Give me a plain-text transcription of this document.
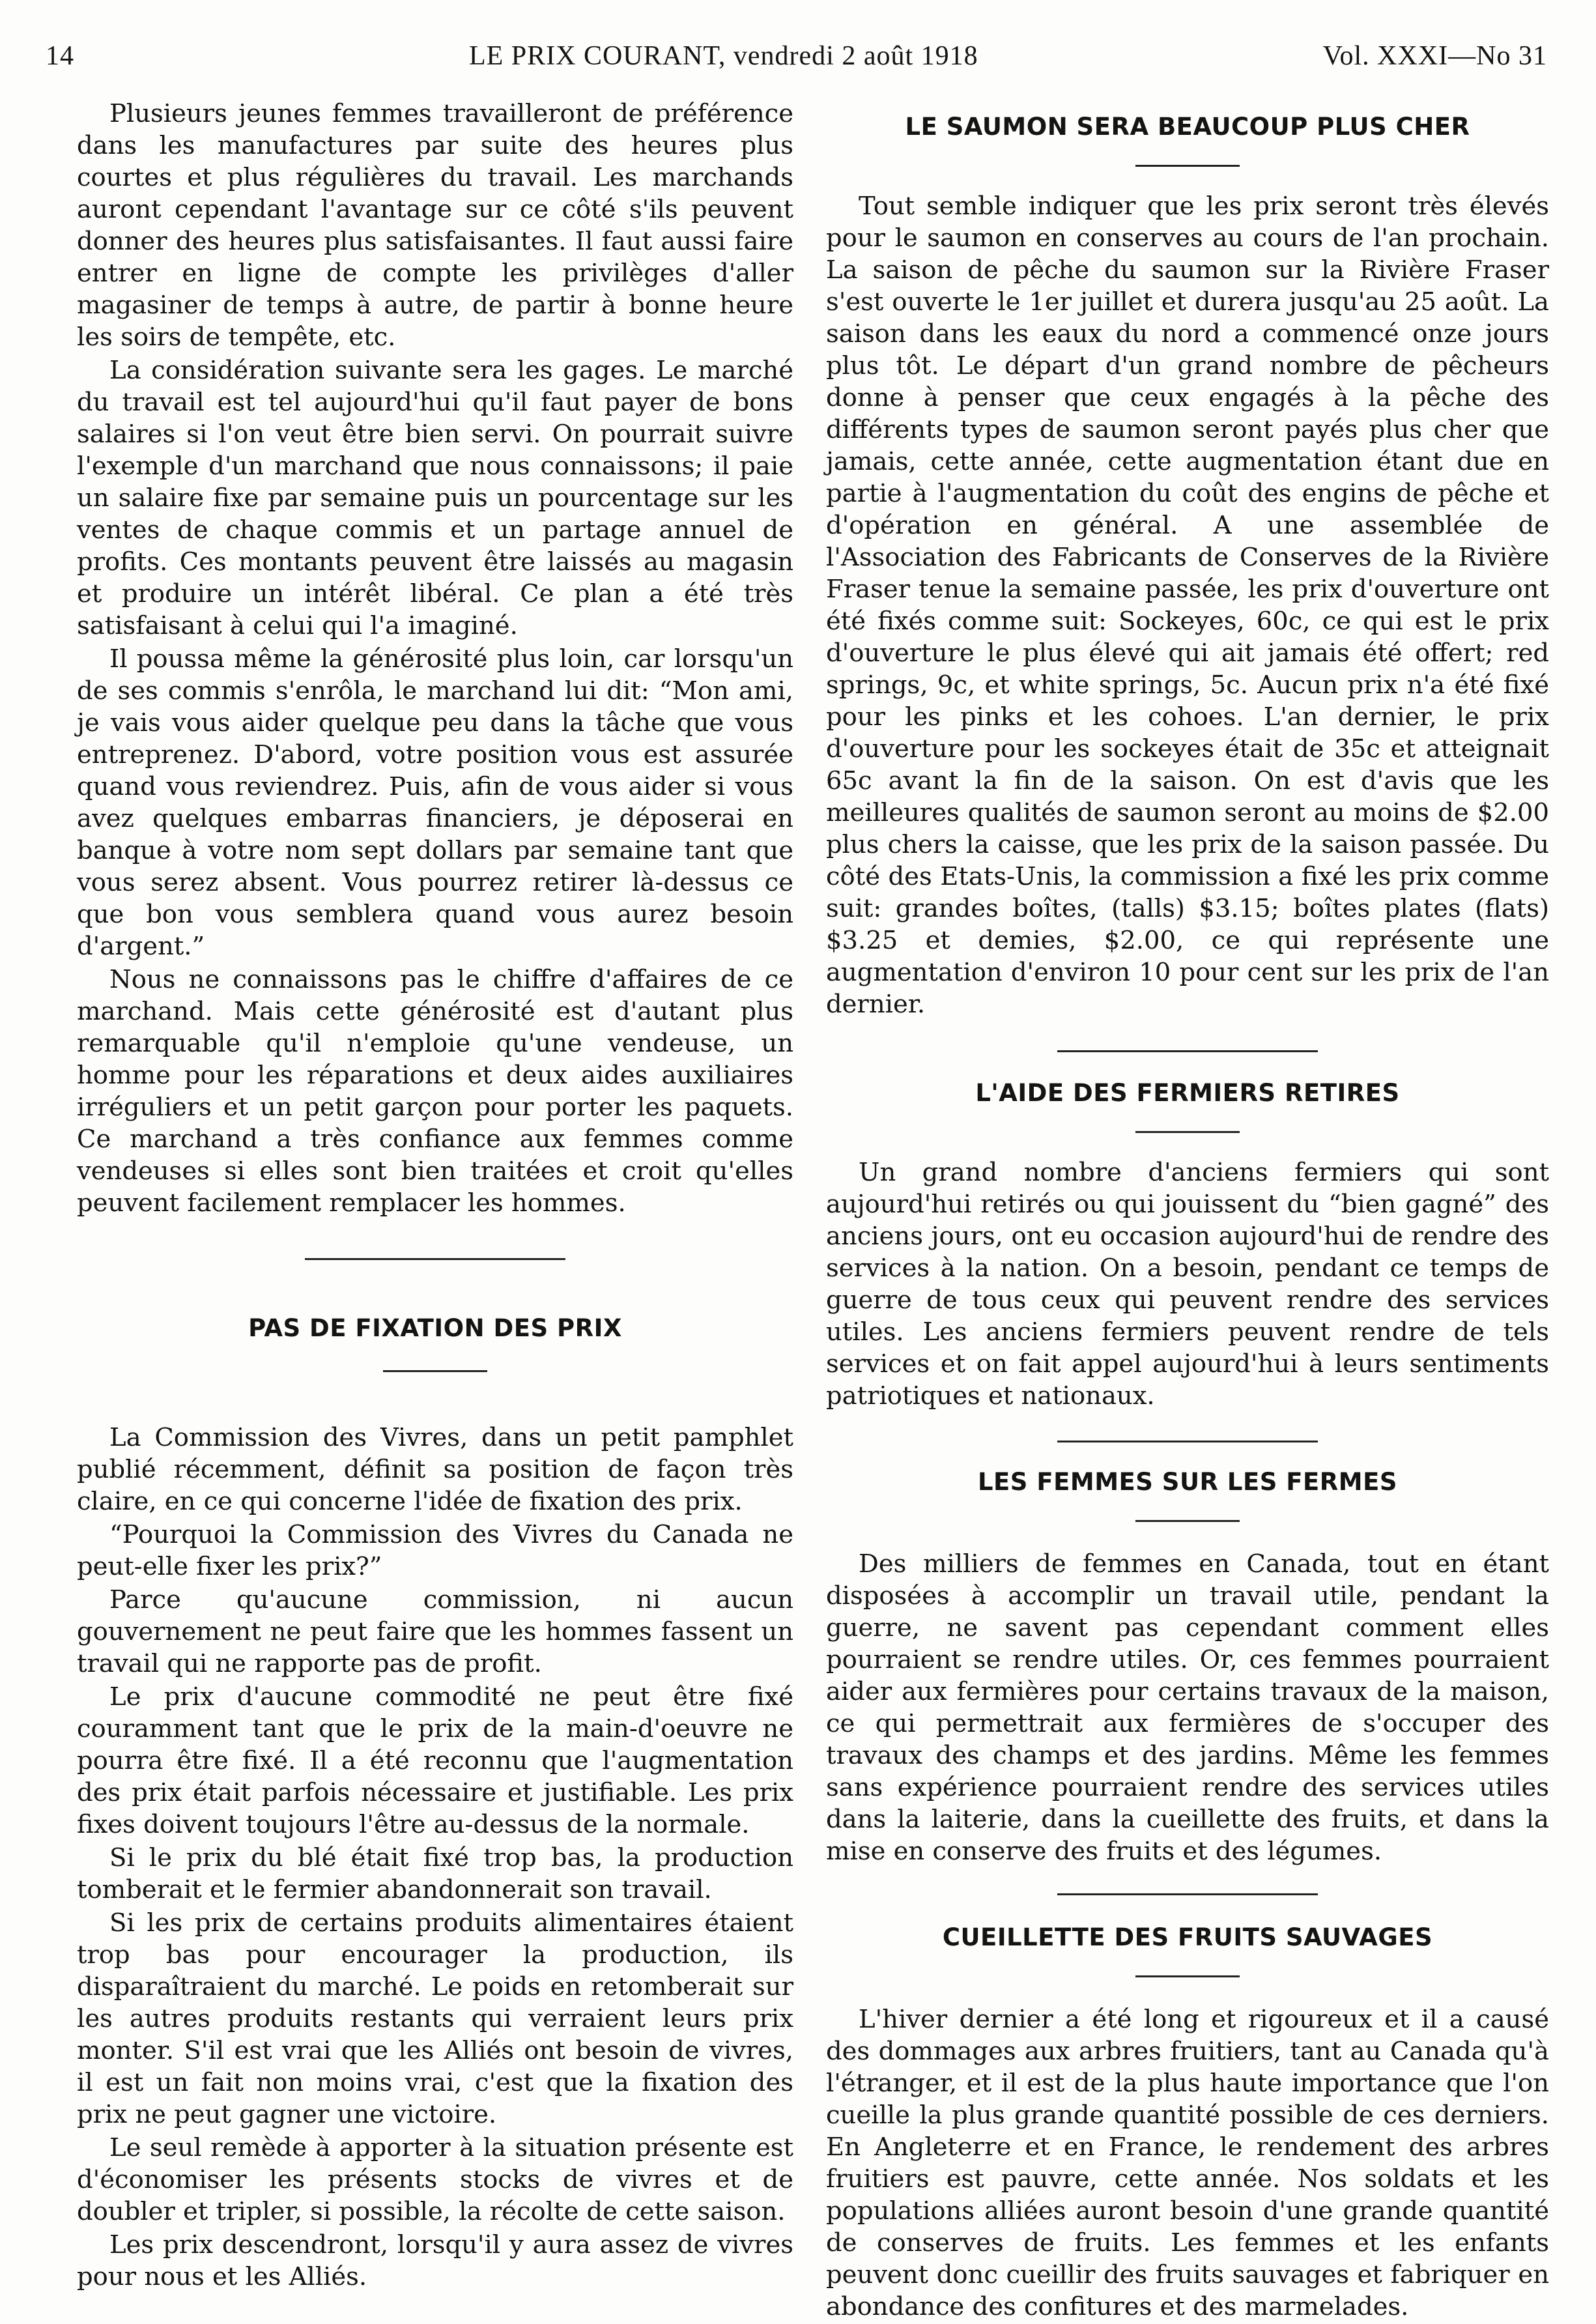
14	LE PRIX COURANT, vendredi 2 août 1918	Vol. XXXI—No 31

Plusieurs jeunes femmes travailleront de préférence dans les manufactures par suite des heures plus courtes et plus régulières du travail. Les marchands auront cependant l'avantage sur ce côté s'ils peuvent donner des heures plus satisfaisantes. Il faut aussi faire entrer en ligne de compte les privilèges d'aller magasiner de temps à autre, de partir à bonne heure les soirs de tempête, etc.

La considération suivante sera les gages. Le marché du travail est tel aujourd'hui qu'il faut payer de bons salaires si l'on veut être bien servi. On pourrait suivre l'exemple d'un marchand que nous connaissons; il paie un salaire fixe par semaine puis un pourcentage sur les ventes de chaque commis et un partage annuel de profits. Ces montants peuvent être laissés au magasin et produire un intérêt libéral. Ce plan a été très satisfaisant à celui qui l'a imaginé.

Il poussa même la générosité plus loin, car lorsqu'un de ses commis s'enrôla, le marchand lui dit: “Mon ami, je vais vous aider quelque peu dans la tâche que vous entreprenez. D'abord, votre position vous est assurée quand vous reviendrez. Puis, afin de vous aider si vous avez quelques embarras financiers, je déposerai en banque à votre nom sept dollars par semaine tant que vous serez absent. Vous pourrez retirer là-dessus ce que bon vous semblera quand vous aurez besoin d'argent.”

Nous ne connaissons pas le chiffre d'affaires de ce marchand. Mais cette générosité est d'autant plus remarquable qu'il n'emploie qu'une vendeuse, un homme pour les réparations et deux aides auxiliaires irréguliers et un petit garçon pour porter les paquets. Ce marchand a très confiance aux femmes comme vendeuses si elles sont bien traitées et croit qu'elles peuvent facilement remplacer les hommes.

PAS DE FIXATION DES PRIX

La Commission des Vivres, dans un petit pamphlet publié récemment, définit sa position de façon très claire, en ce qui concerne l'idée de fixation des prix.

“Pourquoi la Commission des Vivres du Canada ne peut-elle fixer les prix?”

Parce qu'aucune commission, ni aucun gouvernement ne peut faire que les hommes fassent un travail qui ne rapporte pas de profit.

Le prix d'aucune commodité ne peut être fixé couramment tant que le prix de la main-d'oeuvre ne pourra être fixé. Il a été reconnu que l'augmentation des prix était parfois nécessaire et justifiable. Les prix fixes doivent toujours l'être au-dessus de la normale.

Si le prix du blé était fixé trop bas, la production tomberait et le fermier abandonnerait son travail.

Si les prix de certains produits alimentaires étaient trop bas pour encourager la production, ils disparaîtraient du marché. Le poids en retomberait sur les autres produits restants qui verraient leurs prix monter. S'il est vrai que les Alliés ont besoin de vivres, il est un fait non moins vrai, c'est que la fixation des prix ne peut gagner une victoire.

Le seul remède à apporter à la situation présente est d'économiser les présents stocks de vivres et de doubler et tripler, si possible, la récolte de cette saison.

Les prix descendront, lorsqu'il y aura assez de vivres pour nous et les Alliés.

LE SAUMON SERA BEAUCOUP PLUS CHER

Tout semble indiquer que les prix seront très élevés pour le saumon en conserves au cours de l'an prochain. La saison de pêche du saumon sur la Rivière Fraser s'est ouverte le 1er juillet et durera jusqu'au 25 août. La saison dans les eaux du nord a commencé onze jours plus tôt. Le départ d'un grand nombre de pêcheurs donne à penser que ceux engagés à la pêche des différents types de saumon seront payés plus cher que jamais, cette année, cette augmentation étant due en partie à l'augmentation du coût des engins de pêche et d'opération en général. A une assemblée de l'Association des Fabricants de Conserves de la Rivière Fraser tenue la semaine passée, les prix d'ouverture ont été fixés comme suit: Sockeyes, 60c, ce qui est le prix d'ouverture le plus élevé qui ait jamais été offert; red springs, 9c, et white springs, 5c. Aucun prix n'a été fixé pour les pinks et les cohoes. L'an dernier, le prix d'ouverture pour les sockeyes était de 35c et atteignait 65c avant la fin de la saison. On est d'avis que les meilleures qualités de saumon seront au moins de $2.00 plus chers la caisse, que les prix de la saison passée. Du côté des Etats-Unis, la commission a fixé les prix comme suit: grandes boîtes, (talls) $3.15; boîtes plates (flats) $3.25 et demies, $2.00, ce qui représente une augmentation d'environ 10 pour cent sur les prix de l'an dernier.

L'AIDE DES FERMIERS RETIRES

Un grand nombre d'anciens fermiers qui sont aujourd'hui retirés ou qui jouissent du “bien gagné” des anciens jours, ont eu occasion aujourd'hui de rendre des services à la nation. On a besoin, pendant ce temps de guerre de tous ceux qui peuvent rendre des services utiles. Les anciens fermiers peuvent rendre de tels services et on fait appel aujourd'hui à leurs sentiments patriotiques et nationaux.

LES FEMMES SUR LES FERMES

Des milliers de femmes en Canada, tout en étant disposées à accomplir un travail utile, pendant la guerre, ne savent pas cependant comment elles pourraient se rendre utiles. Or, ces femmes pourraient aider aux fermières pour certains travaux de la maison, ce qui permettrait aux fermières de s'occuper des travaux des champs et des jardins. Même les femmes sans expérience pourraient rendre des services utiles dans la laiterie, dans la cueillette des fruits, et dans la mise en conserve des fruits et des légumes.

CUEILLETTE DES FRUITS SAUVAGES

L'hiver dernier a été long et rigoureux et il a causé des dommages aux arbres fruitiers, tant au Canada qu'à l'étranger, et il est de la plus haute importance que l'on cueille la plus grande quantité possible de ces derniers. En Angleterre et en France, le rendement des arbres fruitiers est pauvre, cette année. Nos soldats et les populations alliées auront besoin d'une grande quantité de conserves de fruits. Les femmes et les enfants peuvent donc cueillir des fruits sauvages et fabriquer en abondance des confitures et des marmelades.
